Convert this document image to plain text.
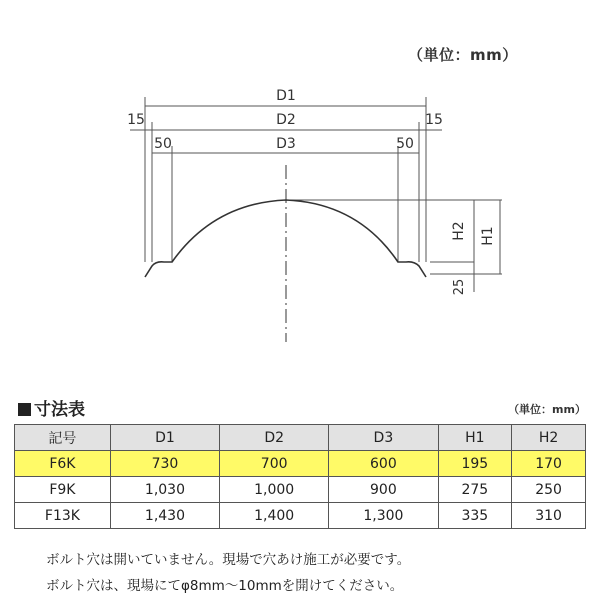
（単位：mm）
D1
D2
D3
15	15
50	50
H2 H1
25
寸法表	（単位：mm）
記号	D1	D2	D3	H1	H2
F6K	730	700	600	195	170
F9K	1,030	1,000	900	275	250
F13K	1,430	1,400	1,300	335	310
ボルト穴は開いていません。現場で穴あけ施工が必要です。
ボルト穴は、現場にてφ8mm～10mmを開けてください。
